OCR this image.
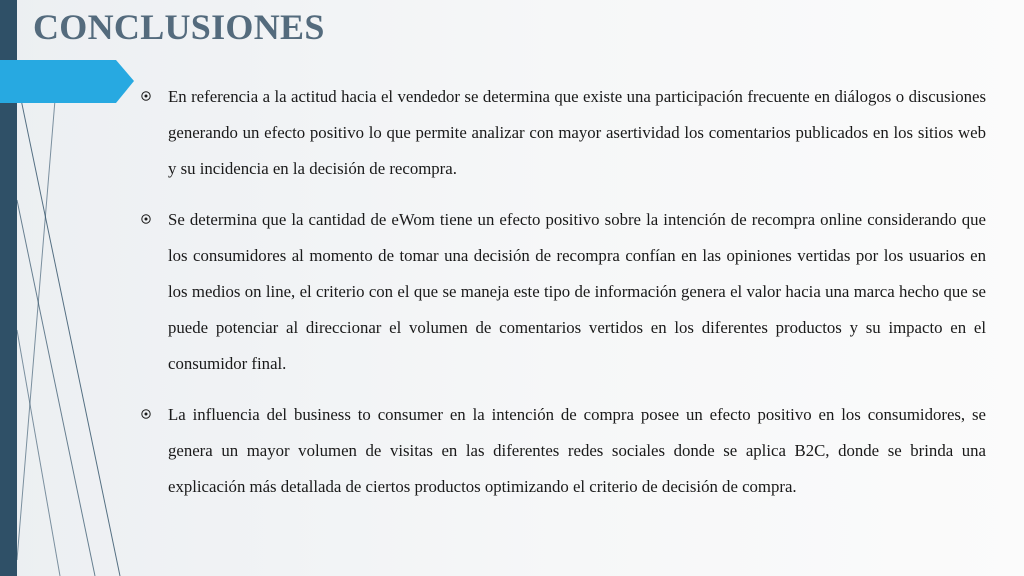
CONCLUSIONES
En referencia a la actitud hacia el vendedor se determina que existe una participación frecuente en diálogos o discusiones generando un efecto positivo lo que permite analizar con mayor asertividad los comentarios publicados en los sitios web y su incidencia en la decisión de recompra.
Se determina que la cantidad de eWom tiene un efecto positivo sobre la intención de recompra online considerando que los consumidores al momento de tomar una decisión de recompra confían en las opiniones vertidas por los usuarios en los medios on line, el criterio con el que se maneja este tipo de información genera el valor hacia una marca hecho que se puede potenciar al direccionar el volumen de comentarios vertidos en los diferentes productos y su impacto en el consumidor final.
La influencia del business to consumer en la intención de compra posee un efecto positivo en los consumidores, se genera un mayor volumen de visitas en las diferentes redes sociales donde se aplica B2C, donde se brinda una explicación más detallada de ciertos productos optimizando el criterio de decisión de compra.
